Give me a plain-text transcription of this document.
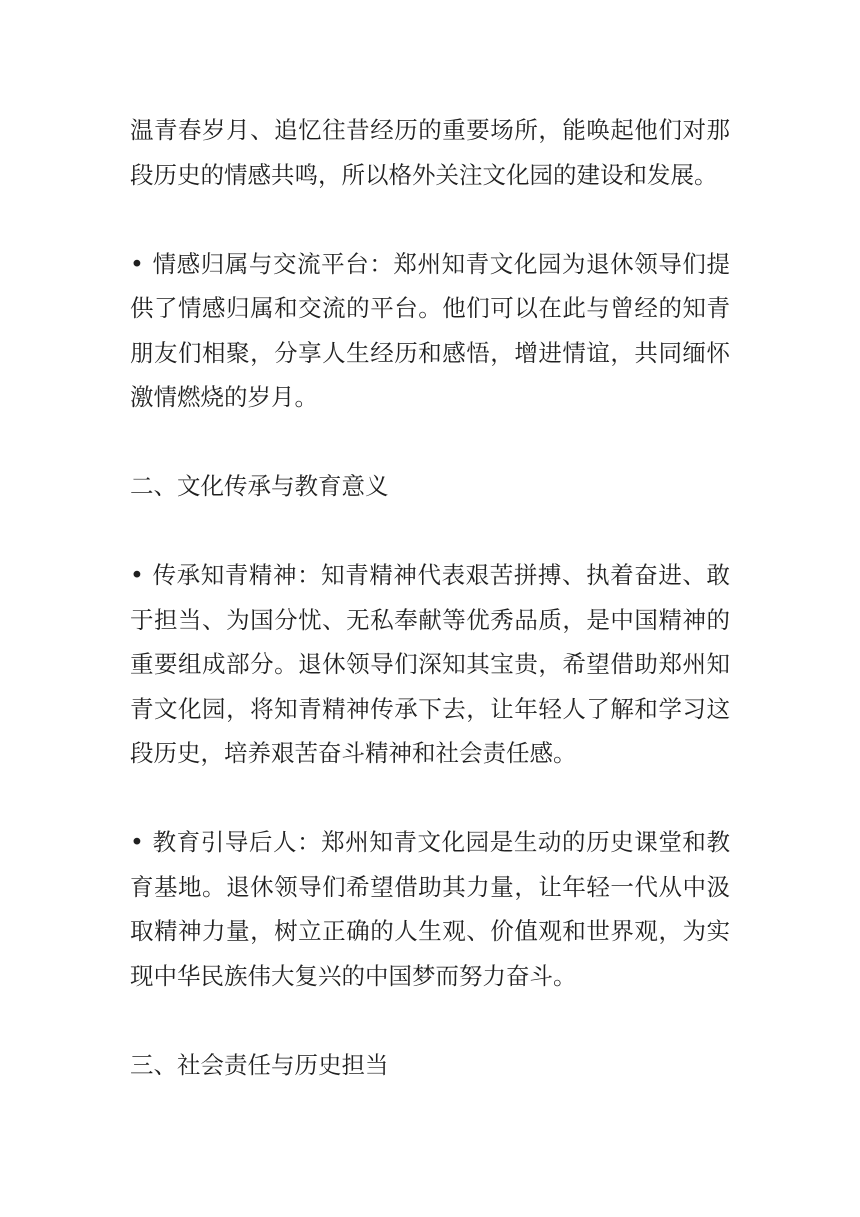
温青春岁月、追忆往昔经历的重要场所，能唤起他们对那段历史的情感共鸣，所以格外关注文化园的建设和发展。

• 情感归属与交流平台：郑州知青文化园为退休领导们提供了情感归属和交流的平台。他们可以在此与曾经的知青朋友们相聚，分享人生经历和感悟，增进情谊，共同缅怀激情燃烧的岁月。

二、文化传承与教育意义

• 传承知青精神：知青精神代表艰苦拼搏、执着奋进、敢于担当、为国分忧、无私奉献等优秀品质，是中国精神的重要组成部分。退休领导们深知其宝贵，希望借助郑州知青文化园，将知青精神传承下去，让年轻人了解和学习这段历史，培养艰苦奋斗精神和社会责任感。

• 教育引导后人：郑州知青文化园是生动的历史课堂和教育基地。退休领导们希望借助其力量，让年轻一代从中汲取精神力量，树立正确的人生观、价值观和世界观，为实现中华民族伟大复兴的中国梦而努力奋斗。

三、社会责任与历史担当
